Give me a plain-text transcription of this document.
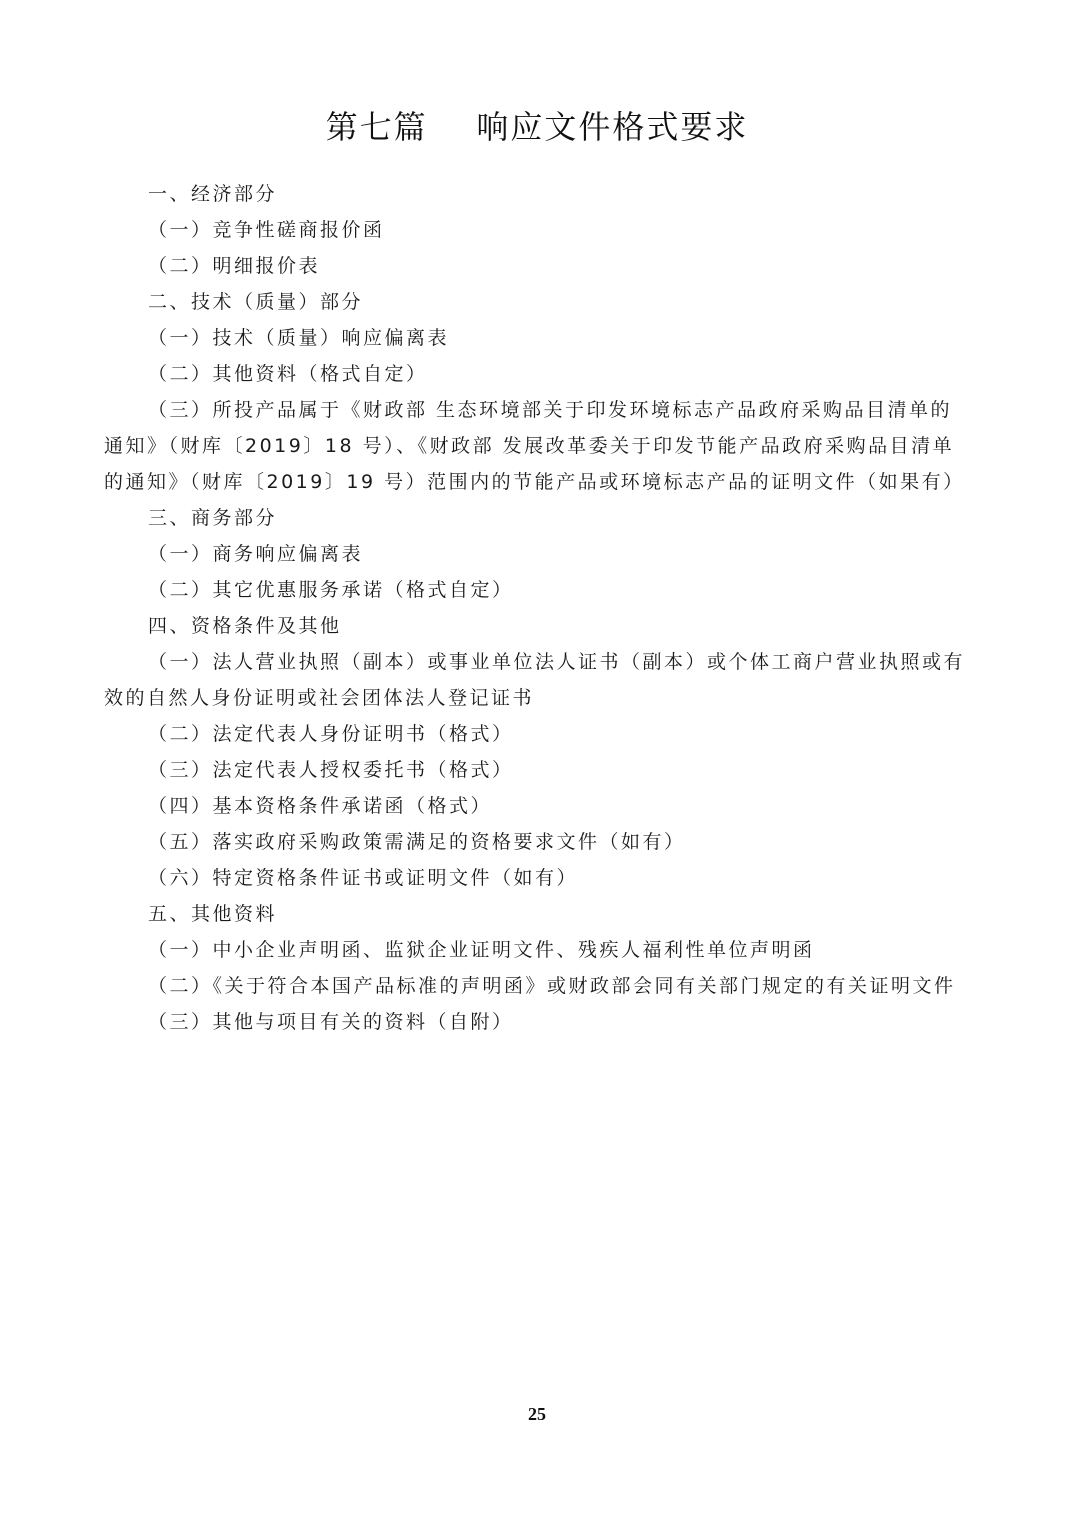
第七篇    响应文件格式要求

一、经济部分

（一）竞争性磋商报价函

（二）明细报价表

二、技术（质量）部分

（一）技术（质量）响应偏离表

（二）其他资料（格式自定）

（三）所投产品属于《财政部 生态环境部关于印发环境标志产品政府采购品目清单的通知》（财库〔2019〕18 号）、《财政部 发展改革委关于印发节能产品政府采购品目清单的通知》（财库〔2019〕19 号）范围内的节能产品或环境标志产品的证明文件（如果有）

三、商务部分

（一）商务响应偏离表

（二）其它优惠服务承诺（格式自定）

四、资格条件及其他

（一）法人营业执照（副本）或事业单位法人证书（副本）或个体工商户营业执照或有效的自然人身份证明或社会团体法人登记证书

（二）法定代表人身份证明书（格式）

（三）法定代表人授权委托书（格式）

（四）基本资格条件承诺函（格式）

（五）落实政府采购政策需满足的资格要求文件（如有）

（六）特定资格条件证书或证明文件（如有）

五、其他资料

（一）中小企业声明函、监狱企业证明文件、残疾人福利性单位声明函

（二）《关于符合本国产品标准的声明函》或财政部会同有关部门规定的有关证明文件

（三）其他与项目有关的资料（自附）

25
